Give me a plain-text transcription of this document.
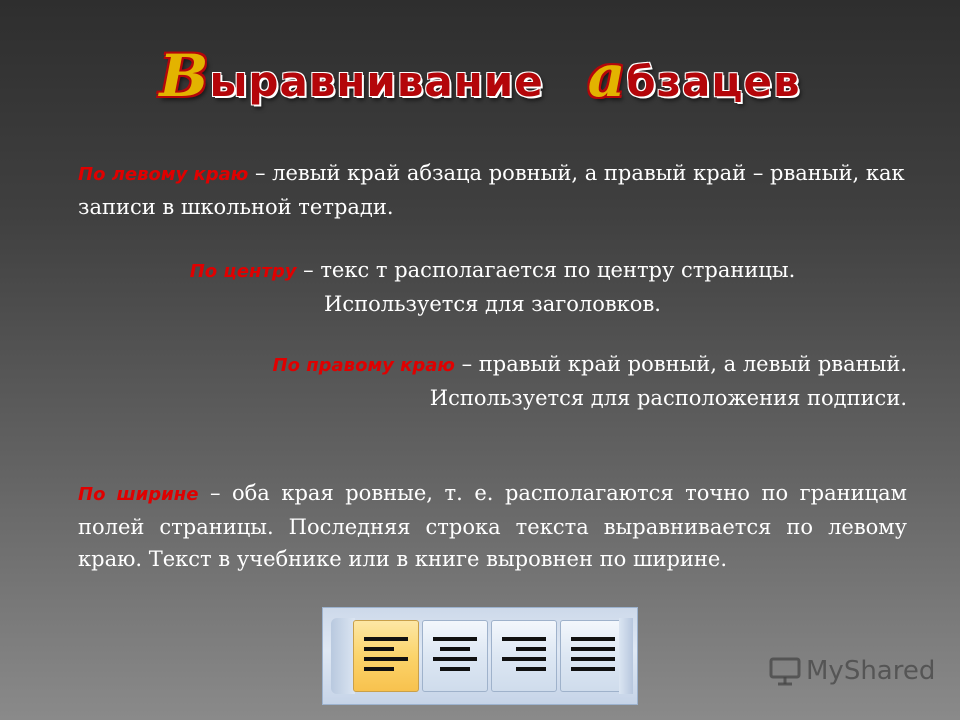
Выравнивание абзацев
По левому краю – левый край абзаца ровный, а правый край – рваный, как записи в школьной тетради.
По центру – текс т располагается по центру страницы.
Используется для заголовков.
По правому краю – правый край ровный, а левый рваный.
Используется для расположения подписи.
По ширине – оба края ровные, т. е. располагаются точно по границам полей страницы. Последняя строка текста выравнивается по левому краю. Текст в учебнике или в книге выровнен по ширине.
MyShared
